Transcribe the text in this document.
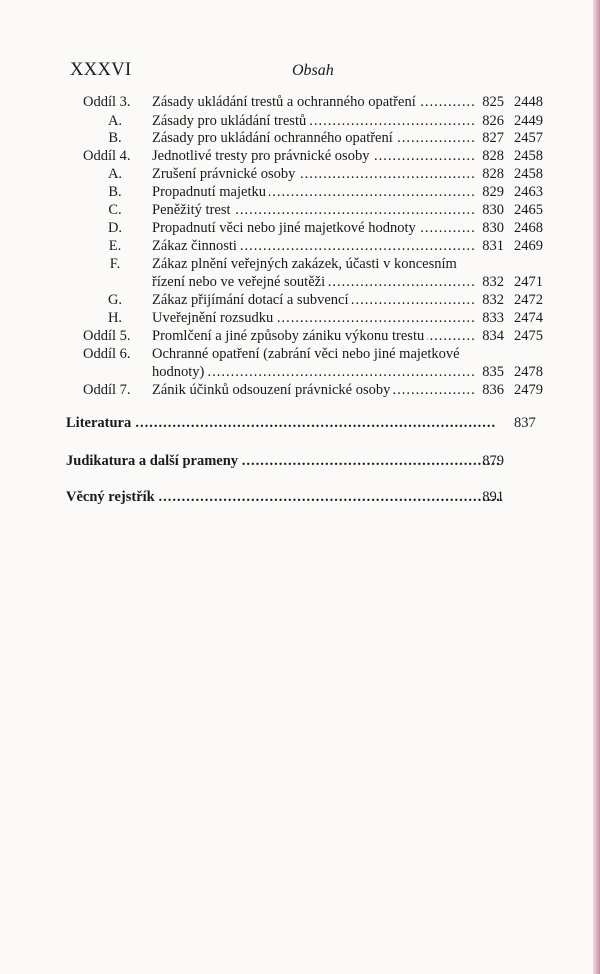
XXXVI	Obsah
Oddíl 3. Zásady ukládání trestů a ochranného opatření .....	825 2448
A.	Zásady pro ukládání trestů .....	826 2449
B.	Zásady pro ukládání ochranného opatření .....	827 2457
Oddíl 4. Jednotlivé tresty pro právnické osoby .....	828 2458
A.	Zrušení právnické osoby .....	828 2458
B.	Propadnutí majetku .....	829 2463
C.	Peněžitý trest .....	830 2465
D.	Propadnutí věci nebo jiné majetkové hodnoty .....	830 2468
E.	Zákaz činnosti .....	831 2469
F.	Zákaz plnění veřejných zakázek, účasti v koncesním
řízení nebo ve veřejné soutěži .....	832 2471
G.	Zákaz přijímání dotací a subvencí .....	832 2472
H.	Uveřejnění rozsudku .....	833 2474
Oddíl 5. Promlčení a jiné způsoby zániku výkonu trestu .....	834 2475
Oddíl 6. Ochranné opatření (zabrání věci nebo jiné majetkové
hodnoty) .....	835 2478
Oddíl 7. Zánik účinků odsouzení právnické osoby .....	836 2479
Literatura .....	837
Judikatura a další prameny .....	879
Věcný rejstřík .....	891
